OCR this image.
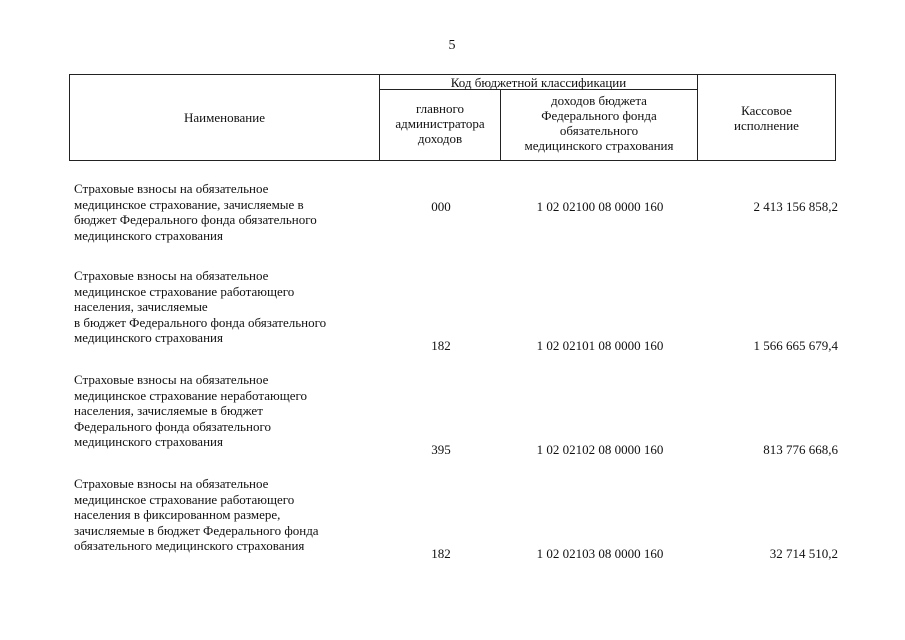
5
Наименование
Код бюджетной классификации
главного
администратора
доходов
доходов бюджета
Федерального фонда
обязательного
медицинского страхования
Кассовое
исполнение
Страховые взносы на обязательное
медицинское страхование, зачисляемые в
бюджет Федерального фонда обязательного
медицинского страхования
000	1 02 02100 08 0000 160	2 413 156 858,2
Страховые взносы на обязательное
медицинское страхование работающего
населения, зачисляемые
в бюджет Федерального фонда обязательного
медицинского страхования
182	1 02 02101 08 0000 160	1 566 665 679,4
Страховые взносы на обязательное
медицинское страхование неработающего
населения, зачисляемые в бюджет
Федерального фонда обязательного
медицинского страхования
395	1 02 02102 08 0000 160	813 776 668,6
Страховые взносы на обязательное
медицинское страхование работающего
населения в фиксированном размере,
зачисляемые в бюджет Федерального фонда
обязательного медицинского страхования
182	1 02 02103 08 0000 160	32 714 510,2
